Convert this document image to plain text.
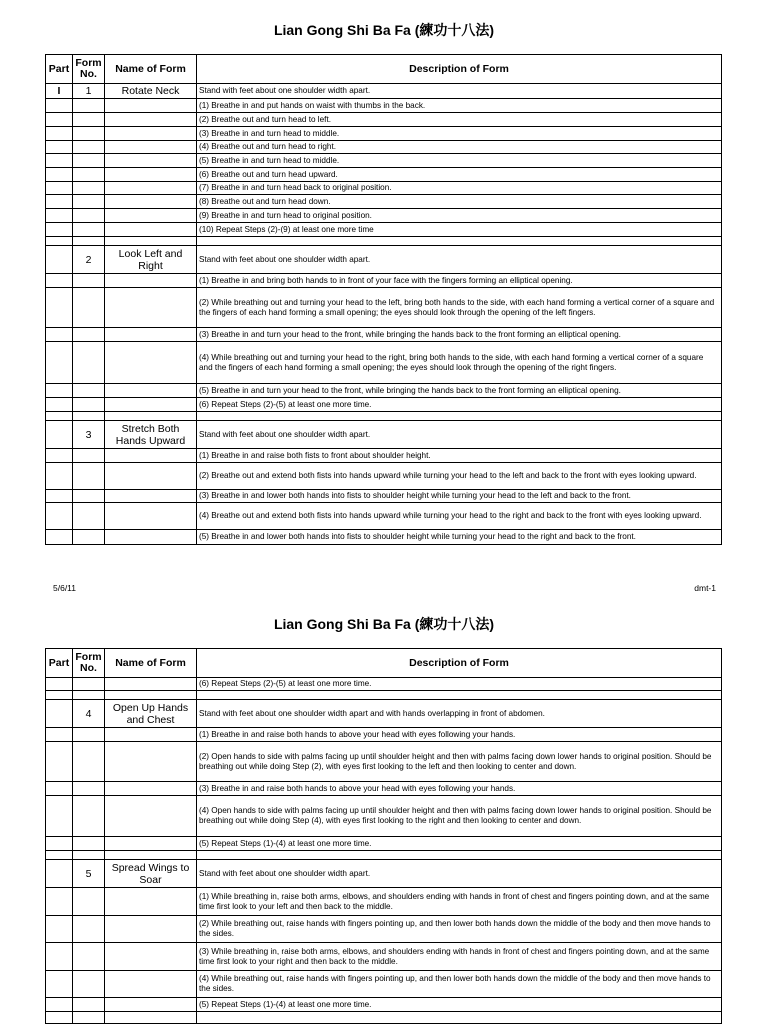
Lian Gong Shi Ba Fa (練功十八法)
Part	Form No.	Name of Form	Description of Form
I	1	Rotate Neck	Stand with feet about one shoulder width apart.
			(1) Breathe in and put hands on waist with thumbs in the back.
			(2) Breathe out and turn head to left.
			(3) Breathe in and turn head to middle.
			(4) Breathe out and turn head to right.
			(5) Breathe in and turn head to middle.
			(6) Breathe out and turn head upward.
			(7) Breathe in and turn head back to original position.
			(8) Breathe out and turn head down.
			(9) Breathe in and turn head to original position.
			(10) Repeat Steps (2)-(9) at least one more time

	2	Look Left and Right	Stand with feet about one shoulder width apart.
			(1) Breathe in and bring both hands to in front of your face with the fingers forming an elliptical opening.
			(2) While breathing out and turning your head to the left, bring both hands to the side, with each hand forming a vertical corner of a square and the fingers of each hand forming a small opening; the eyes should look through the opening of the left fingers.
			(3) Breathe in and turn your head to the front, while bringing the hands back to the front forming an elliptical opening.
			(4) While breathing out and turning your head to the right, bring both hands to the side, with each hand forming a vertical corner of a square and the fingers of each hand forming a small opening; the eyes should look through the opening of the right fingers.
			(5) Breathe in and turn your head to the front, while bringing the hands back to the front forming an elliptical opening.
			(6) Repeat Steps (2)-(5) at least one more time.

	3	Stretch Both Hands Upward	Stand with feet about one shoulder width apart.
			(1) Breathe in and raise both fists to front about shoulder height.
			(2) Breathe out and extend both fists into hands upward while turning your head to the left and back to the front with eyes looking upward.
			(3) Breathe in and lower both hands into fists to shoulder height while turning your head to the left and back to the front.
			(4) Breathe out and extend both fists into hands upward while turning your head to the right and back to the front with eyes looking upward.
			(5) Breathe in and lower both hands into fists to shoulder height while turning your head to the right and back to the front.
5/6/11	dmt-1
Lian Gong Shi Ba Fa (練功十八法)
Part	Form No.	Name of Form	Description of Form
			(6) Repeat Steps (2)-(5) at least one more time.

	4	Open Up Hands and Chest	Stand with feet about one shoulder width apart and with hands overlapping in front of abdomen.
			(1) Breathe in and raise both hands to above your head with eyes following your hands.
			(2) Open hands to side with palms facing up until shoulder height and then with palms facing down lower hands to original position. Should be breathing out while doing Step (2), with eyes first looking to the left and then looking to center and down.
			(3) Breathe in and raise both hands to above your head with eyes following your hands.
			(4) Open hands to side with palms facing up until shoulder height and then with palms facing down lower hands to original position. Should be breathing out while doing Step (4), with eyes first looking to the right and then looking to center and down.
			(5) Repeat Steps (1)-(4) at least one more time.

	5	Spread Wings to Soar	Stand with feet about one shoulder width apart.
			(1) While breathing in, raise both arms, elbows, and shoulders ending with hands in front of chest and fingers pointing down, and at the same time first look to your left and then back to the middle.
			(2) While breathing out, raise hands with fingers pointing up, and then lower both hands down the middle of the body and then move hands to the sides.
			(3) While breathing in, raise both arms, elbows, and shoulders ending with hands in front of chest and fingers pointing down, and at the same time first look to your right and then back to the middle.
			(4) While breathing out, raise hands with fingers pointing up, and then lower both hands down the middle of the body and then move hands to the sides.
			(5) Repeat Steps (1)-(4) at least one more time.
